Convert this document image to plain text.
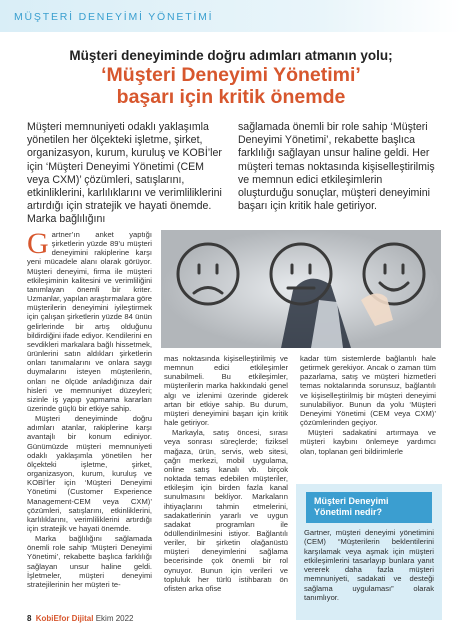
MÜŞTERİ DENEYİMİ YÖNETİMİ
Müşteri deneyiminde doğru adımları atmanın yolu;
‘Müşteri Deneyimi Yönetimi’
başarı için kritik önemde
Müşteri memnuniyeti odaklı yaklaşımla yönetilen her ölçekteki işletme, şirket, organizasyon, kurum, kuruluş ve KOBİ’ler için ‘Müşteri Deneyimi Yönetimi (CEM veya CXM)’ çözümleri, satışlarını, etkinliklerini, karlılıklarını ve verimliliklerini artırdığı için stratejik ve hayati önemde. Marka bağlılığını
sağlamada önemli bir role sahip ‘Müşteri Deneyimi Yönetimi’, rekabette başlıca farklılığı sağlayan unsur haline geldi. Her müşteri temas noktasında kişiselleştirilmiş ve memnun edici etkileşimlerin oluşturduğu sonuçlar, müşteri deneyimini başarı için kritik hale getiriyor.

Gartner’ın anket yaptığı şirketlerin yüzde 89’u müşteri deneyimini rakiplerine karşı yeni mücadele alanı olarak görüyor. Müşteri deneyimi, firma ile müşteri etkileşiminin kalitesini ve verimliliğini tanımlayan önemli bir kriter. Uzmanlar, yapılan araştırmalara göre müşterilerin deneyimini iyileştirmek için çalışan şirketlerin yüzde 84 ünün gelirlerinde bir artış olduğunu bildirdiğini ifade ediyor. Kendilerini en sevdikleri markalara bağlı hissetmek, ürünlerini satın aldıkları şirketlerin onları tanımalarını ve onlara saygı duymalarını isteyen müşterilerin, onları ne ölçüde anladığınıza dair hisleri ve memnuniyet düzeyleri; sizinle iş yapıp yapmama kararları üzerinde güçlü bir etkiye sahip.

Müşteri deneyiminde doğru adımları atanlar, rakiplerine karşı avantajlı bir konum ediniyor. Günümüzde müşteri memnuniyeti odaklı yaklaşımla yönetilen her ölçekteki işletme, şirket, organizasyon, kurum, kuruluş ve KOBİ’ler için ‘Müşteri Deneyimi Yönetimi (Customer Experience Management-CEM veya CXM)’ çözümleri, satışlarını, etkinliklerini, karlılıklarını, verimliliklerini artırdığı için stratejik ve hayati önemde.

Marka bağlılığını sağlamada önemli role sahip ‘Müşteri Deneyimi Yönetimi’, rekabette başlıca farklılığı sağlayan unsur haline geldi. İşletmeler, müşteri deneyimi stratejilerinin her müşteri te-

mas noktasında kişiselleştirilmiş ve memnun edici etkileşimler sunabilmeli. Bu etkileşimler, müşterilerin marka hakkındaki genel algı ve izlenimi üzerinde giderek artan bir etkiye sahip. Bu durum, müşteri deneyimini başarı için kritik hale getiriyor.

Markayla, satış öncesi, sırası veya sonrası süreçlerde; fiziksel mağaza, ürün, servis, web sitesi, çağrı merkezi, mobil uygulama, online satış kanalı vb. birçok noktada temas edebilen müşteriler, etkileşim için birden fazla kanal sunulmasını bekliyor. Markaların ihtiyaçlarını tahmin etmelerini, sadakatlerinin yararlı ve uygun sadakat programları ile ödüllendirilmesini istiyor. Bağlantılı veriler, bir şirketin olağanüstü müşteri deneyimlerini sağlama becerisinde çok önemli bir rol oynuyor. Bunun için verileri ve topluluk her türlü istihbaratı ön ofisten arka ofise

kadar tüm sistemlerde bağlantılı hale getirmek gerekiyor. Ancak o zaman tüm pazarlama, satış ve müşteri hizmetleri temas noktalarında sorunsuz, bağlantılı ve kişiselleştirilmiş bir müşteri deneyimi sunulabiliyor. Bunun da yolu ‘Müşteri Deneyimi Yönetimi (CEM veya CXM)’ çözümlerinden geçiyor.

Müşteri sadakatini artırmaya ve müşteri kaybını önlemeye yardımcı olan, toplanan geri bildirimlerle

Müşteri Deneyimi Yönetimi nedir?
Gartner, müşteri deneyimi yönetimini (CEM) “Müşterilerin beklentilerini karşılamak veya aşmak için müşteri etkileşimlerini tasarlayıp bunlara yanıt vererek daha fazla müşteri memnuniyeti, sadakati ve desteği sağlama uygulaması” olarak tanımlıyor.
8 KobiEfor Dijital Ekim 2022
